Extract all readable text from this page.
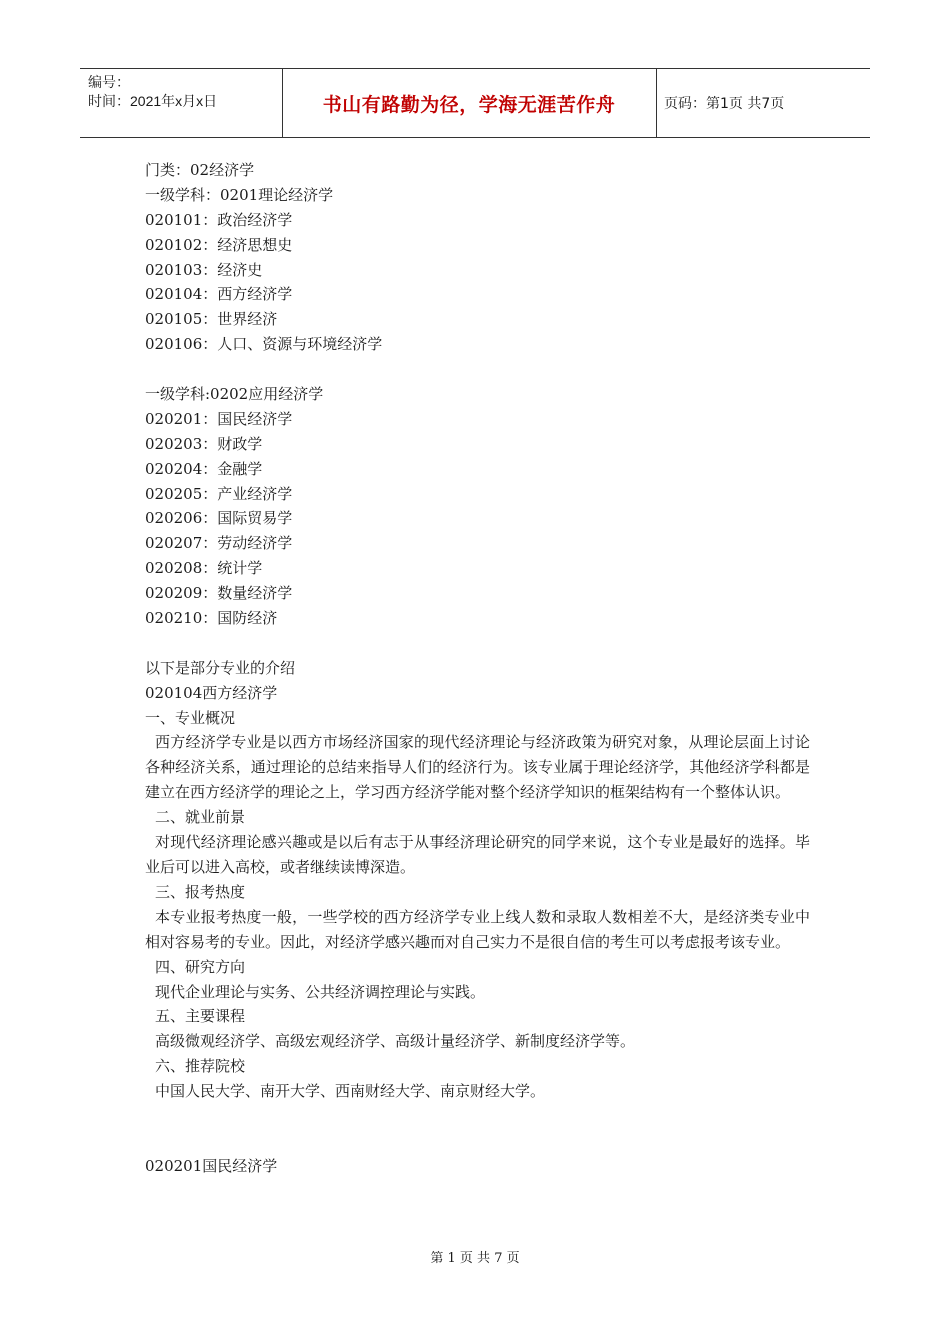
编号：
时间：2021年x月x日	书山有路勤为径，学海无涯苦作舟	页码：第1页 共7页
门类：02经济学
一级学科：0201理论经济学
020101：政治经济学
020102：经济思想史
020103：经济史
020104：西方经济学
020105：世界经济
020106：人口、资源与环境经济学
一级学科:0202应用经济学
020201：国民经济学
020203：财政学
020204：金融学
020205：产业经济学
020206：国际贸易学
020207：劳动经济学
020208：统计学
020209：数量经济学
020210：国防经济
以下是部分专业的介绍
020104西方经济学
一、专业概况
西方经济学专业是以西方市场经济国家的现代经济理论与经济政策为研究对象，从理论层面上讨论各种经济关系，通过理论的总结来指导人们的经济行为。该专业属于理论经济学，其他经济学科都是建立在西方经济学的理论之上，学习西方经济学能对整个经济学知识的框架结构有一个整体认识。
二、就业前景
对现代经济理论感兴趣或是以后有志于从事经济理论研究的同学来说，这个专业是最好的选择。毕业后可以进入高校，或者继续读博深造。
三、报考热度
本专业报考热度一般，一些学校的西方经济学专业上线人数和录取人数相差不大，是经济类专业中相对容易考的专业。因此，对经济学感兴趣而对自己实力不是很自信的考生可以考虑报考该专业。
四、研究方向
现代企业理论与实务、公共经济调控理论与实践。
五、主要课程
高级微观经济学、高级宏观经济学、高级计量经济学、新制度经济学等。
六、推荐院校
中国人民大学、南开大学、西南财经大学、南京财经大学。
020201国民经济学
第 1 页 共 7 页
